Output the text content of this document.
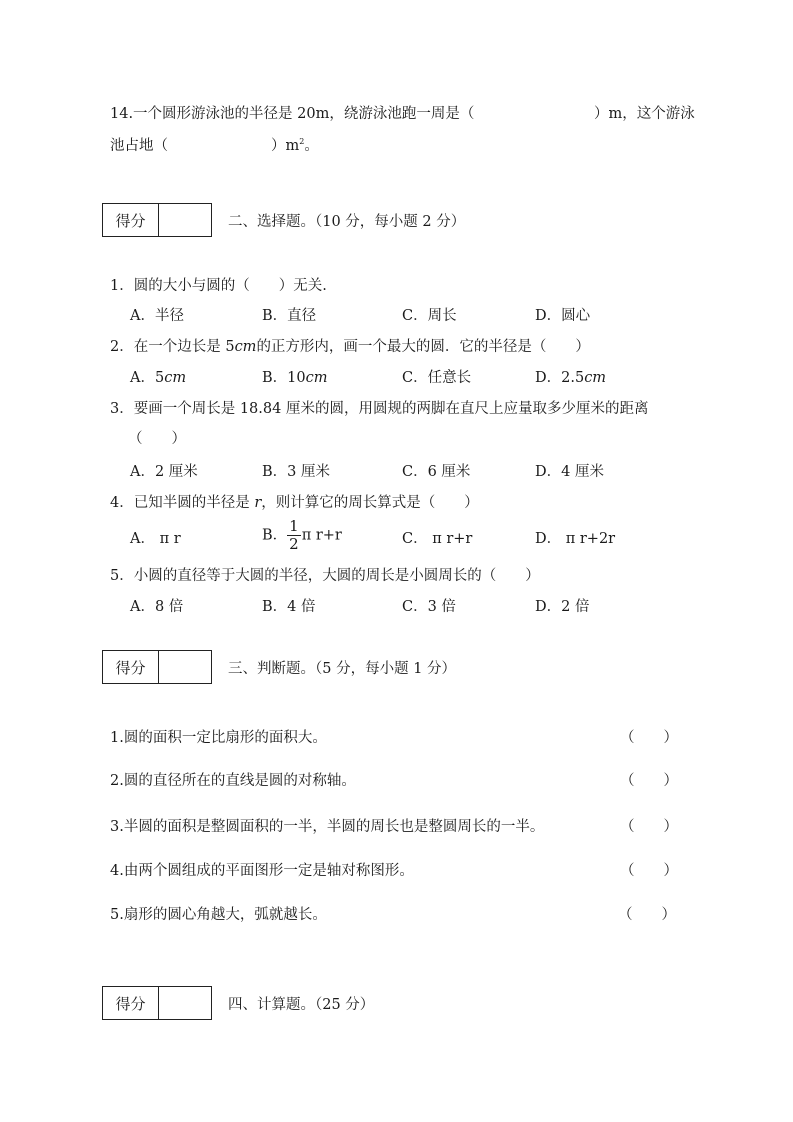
14.一个圆形游泳池的半径是 20m，绕游泳池跑一周是（	）m，这个游泳
池占地（	）$m^2$。
得分	二、选择题。（10 分，每小题 2 分）
1．圆的大小与圆的（　　）无关.
A．半径	B．直径	C．周长	D．圆心
2．在一个边长是 5cm的正方形内，画一个最大的圆．它的半径是（　　）
A．5cm	B．10cm	C．任意长	D．2.5cm
3．要画一个周长是 18.84 厘米的圆，用圆规的两脚在直尺上应量取多少厘米的距离
（　　）
A．2 厘米	B．3 厘米	C．6 厘米	D．4 厘米
4．已知半圆的半径是 r，则计算它的周长算式是（　　）
A． π r	B． $\frac{1}{2}$ π r+r	C． π r+r	D． π r+2r
5．小圆的直径等于大圆的半径，大圆的周长是小圆周长的（　　）
A．8 倍	B．4 倍	C．3 倍	D．2 倍
得分	三、判断题。（5 分，每小题 1 分）
1.圆的面积一定比扇形的面积大。	（　　）
2.圆的直径所在的直线是圆的对称轴。	（　　）
3.半圆的面积是整圆面积的一半，半圆的周长也是整圆周长的一半。	（　　）
4.由两个圆组成的平面图形一定是轴对称图形。	（　　）
5.扇形的圆心角越大，弧就越长。	（　　）
得分	四、计算题。（25 分）
